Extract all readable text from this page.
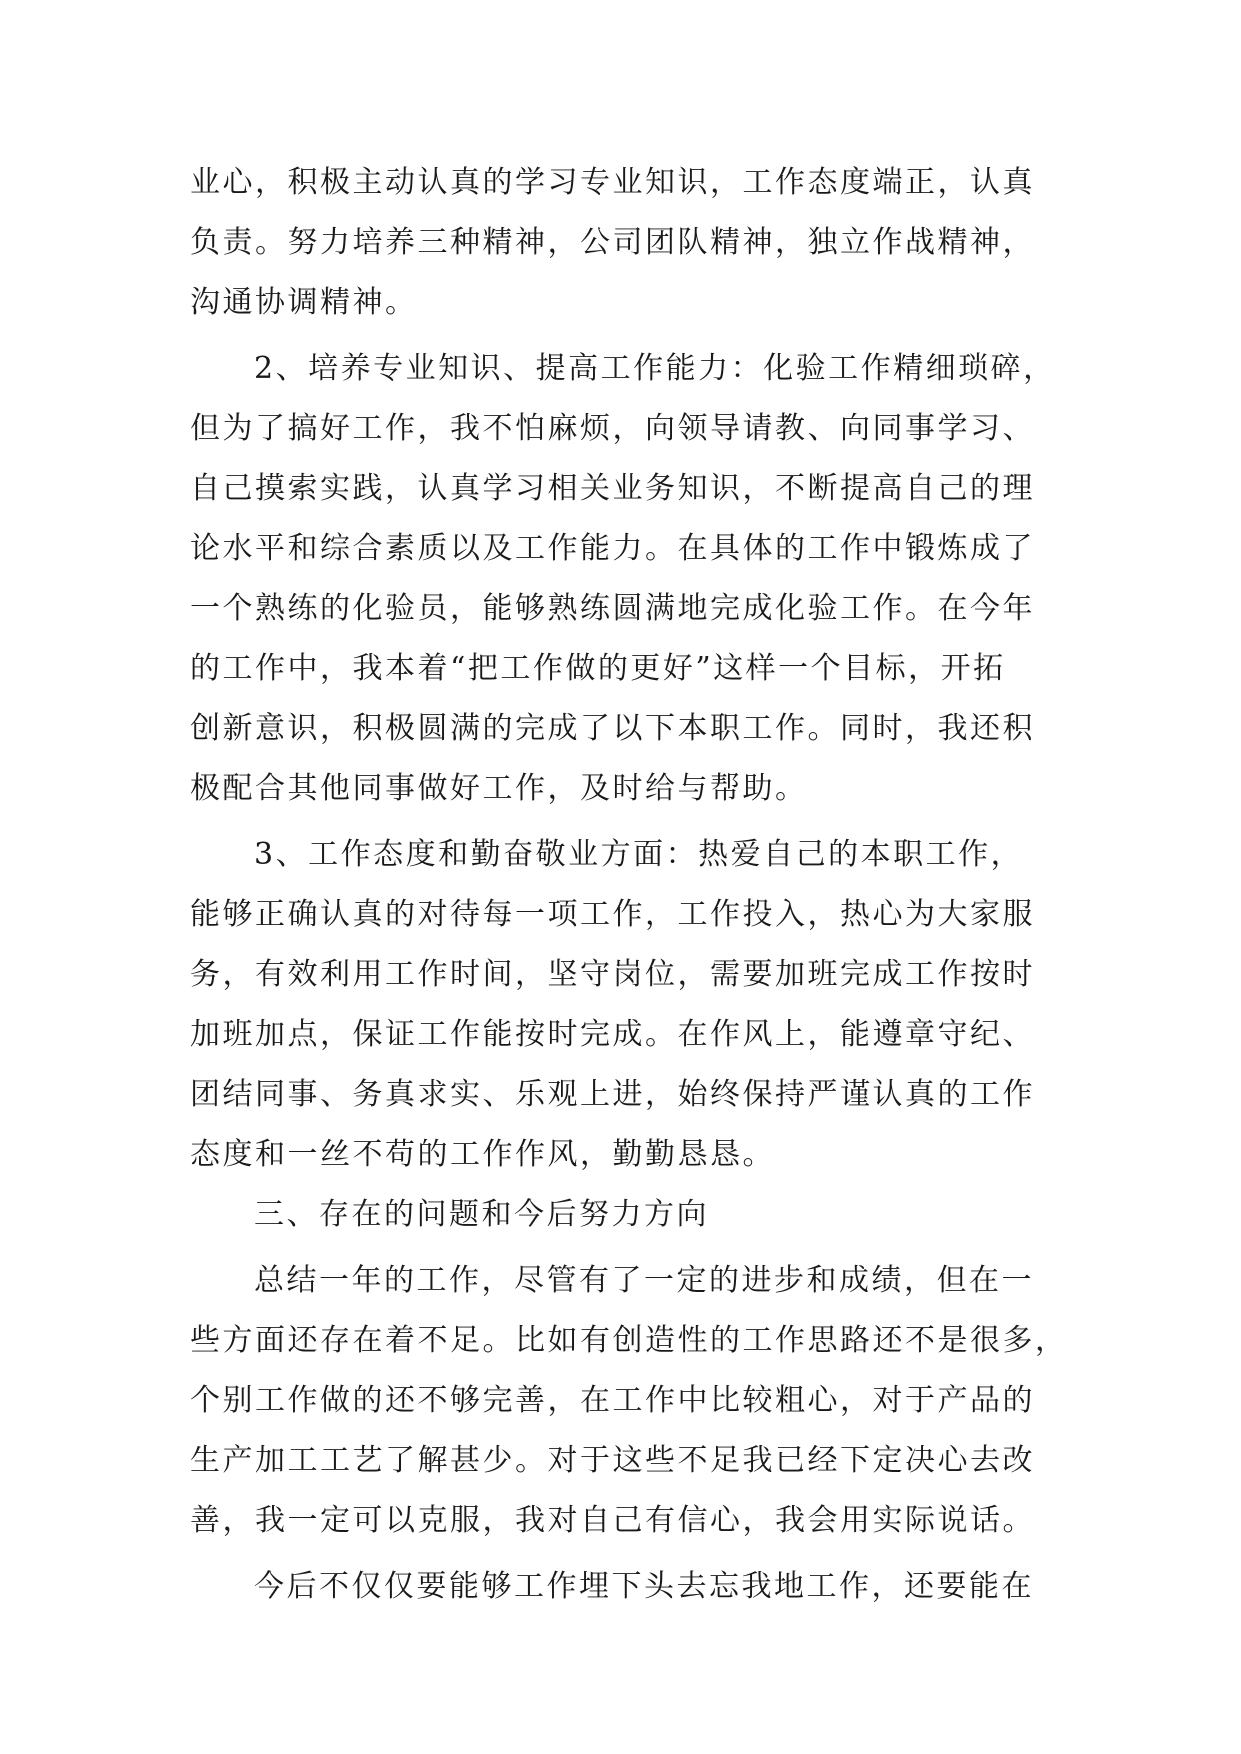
业心，积极主动认真的学习专业知识，工作态度端正，认真
负责。努力培养三种精神，公司团队精神，独立作战精神，
沟通协调精神。
2、培养专业知识、提高工作能力：化验工作精细琐碎，
但为了搞好工作，我不怕麻烦，向领导请教、向同事学习、
自己摸索实践，认真学习相关业务知识，不断提高自己的理
论水平和综合素质以及工作能力。在具体的工作中锻炼成了
一个熟练的化验员，能够熟练圆满地完成化验工作。在今年
的工作中，我本着“把工作做的更好”这样一个目标，开拓
创新意识，积极圆满的完成了以下本职工作。同时，我还积
极配合其他同事做好工作，及时给与帮助。
3、工作态度和勤奋敬业方面：热爱自己的本职工作，
能够正确认真的对待每一项工作，工作投入，热心为大家服
务，有效利用工作时间，坚守岗位，需要加班完成工作按时
加班加点，保证工作能按时完成。在作风上，能遵章守纪、
团结同事、务真求实、乐观上进，始终保持严谨认真的工作
态度和一丝不苟的工作作风，勤勤恳恳。
三、存在的问题和今后努力方向
总结一年的工作，尽管有了一定的进步和成绩，但在一
些方面还存在着不足。比如有创造性的工作思路还不是很多，
个别工作做的还不够完善，在工作中比较粗心，对于产品的
生产加工工艺了解甚少。对于这些不足我已经下定决心去改
善，我一定可以克服，我对自己有信心，我会用实际说话。
今后不仅仅要能够工作埋下头去忘我地工作，还要能在
